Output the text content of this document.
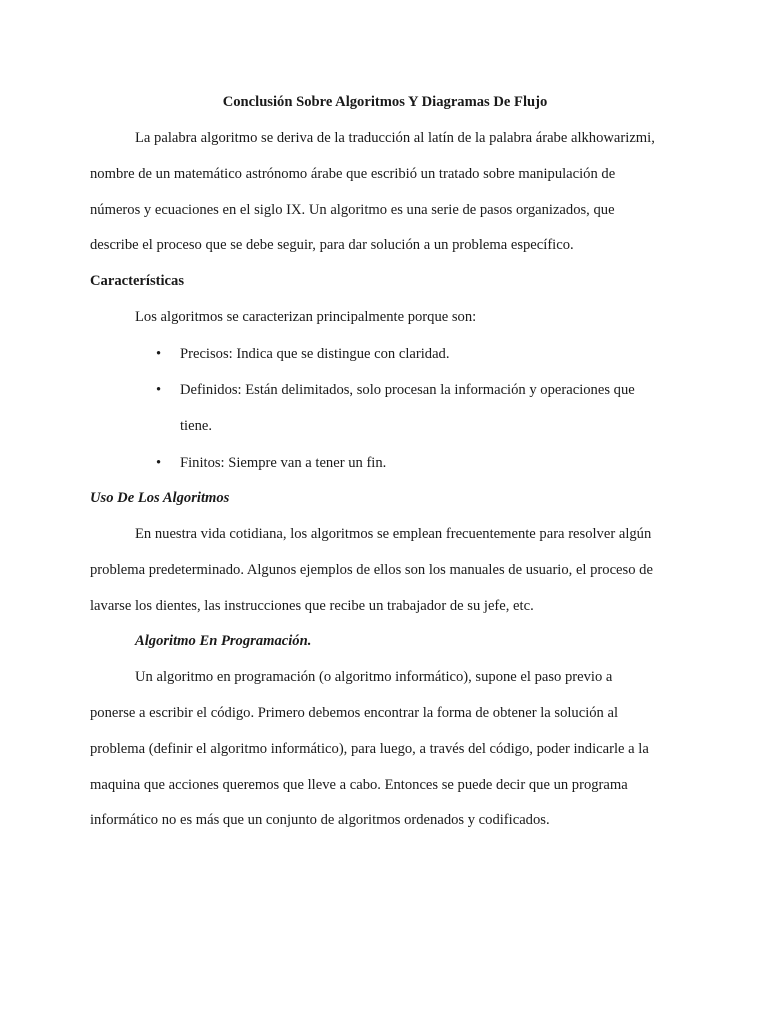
Conclusión Sobre Algoritmos Y Diagramas De Flujo
La palabra algoritmo se deriva de la traducción al latín de la palabra árabe alkhowarizmi,
nombre de un matemático astrónomo árabe que escribió un tratado sobre manipulación de
números y ecuaciones en el siglo IX. Un algoritmo es una serie de pasos organizados, que
describe el proceso que se debe seguir, para dar solución a un problema específico.
Características
Los algoritmos se caracterizan principalmente porque son:
• Precisos: Indica que se distingue con claridad.
• Definidos: Están delimitados, solo procesan la información y operaciones que
tiene.
• Finitos: Siempre van a tener un fin.
Uso De Los Algoritmos
En nuestra vida cotidiana, los algoritmos se emplean frecuentemente para resolver algún
problema predeterminado. Algunos ejemplos de ellos son los manuales de usuario, el proceso de
lavarse los dientes, las instrucciones que recibe un trabajador de su jefe, etc.
Algoritmo En Programación.
Un algoritmo en programación (o algoritmo informático), supone el paso previo a
ponerse a escribir el código. Primero debemos encontrar la forma de obtener la solución al
problema (definir el algoritmo informático), para luego, a través del código, poder indicarle a la
maquina que acciones queremos que lleve a cabo. Entonces se puede decir que un programa
informático no es más que un conjunto de algoritmos ordenados y codificados.
